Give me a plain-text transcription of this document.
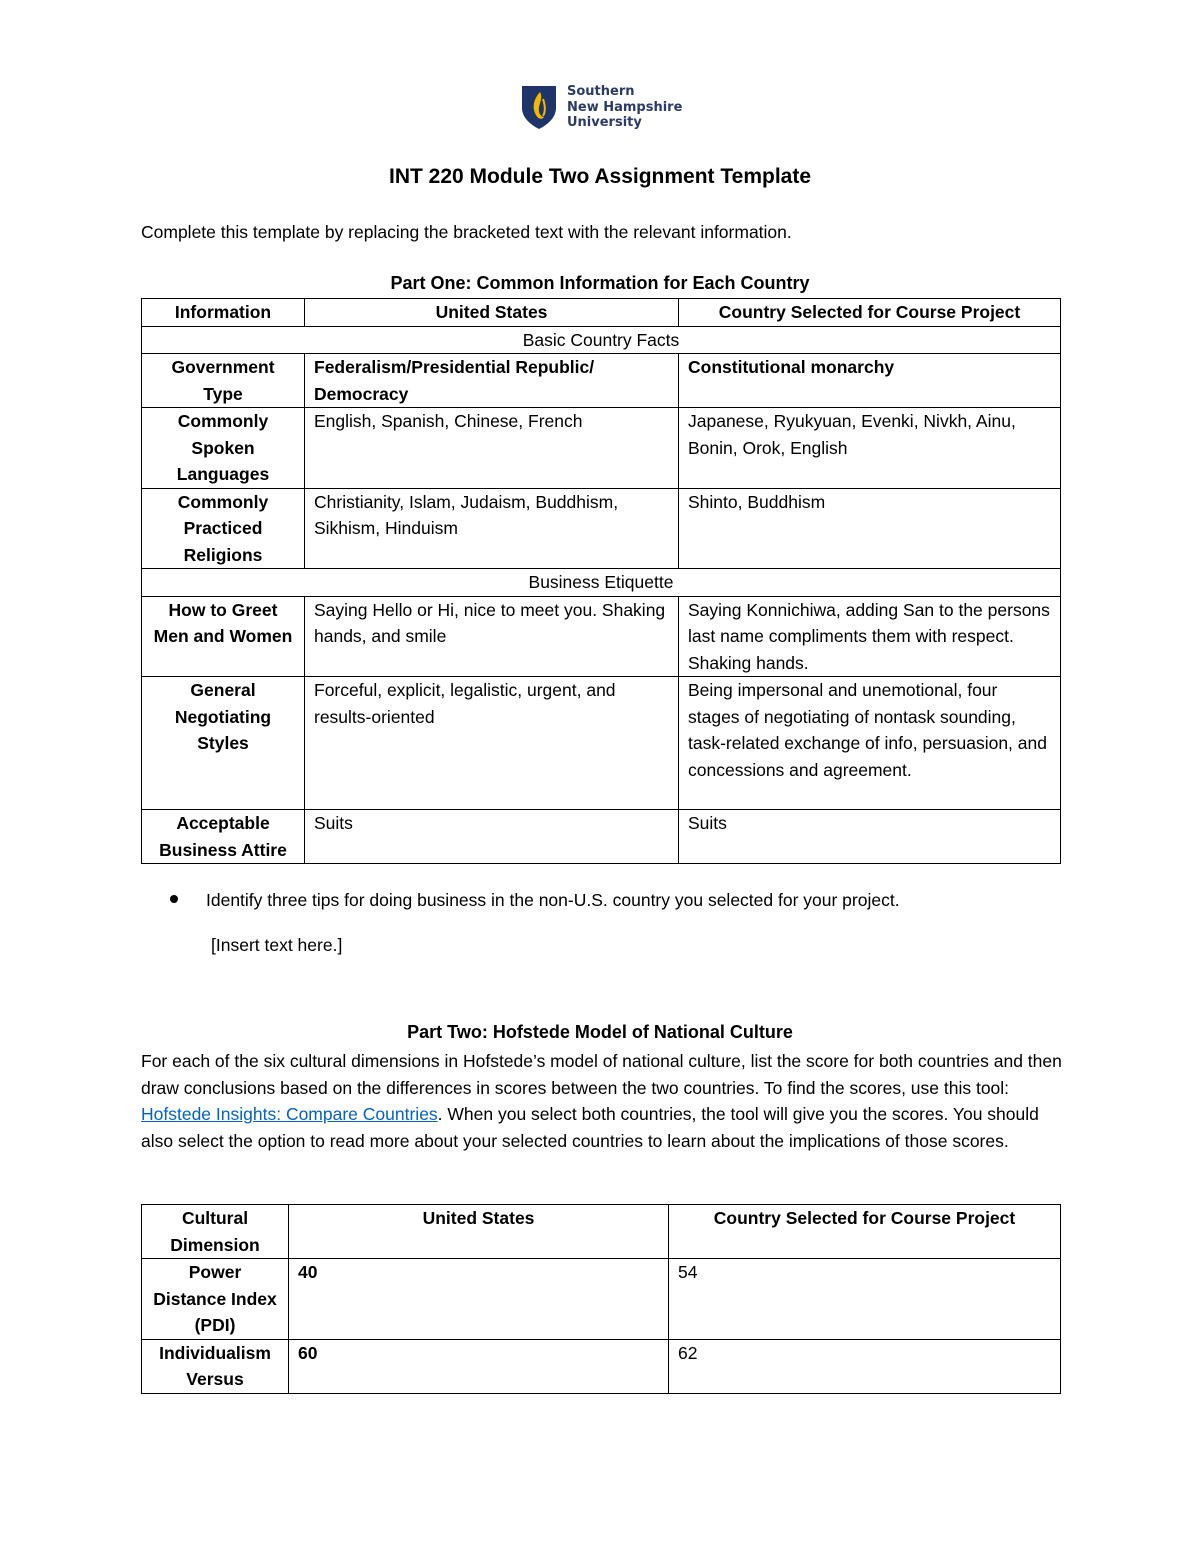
Southern
New Hampshire
University
INT 220 Module Two Assignment Template
Complete this template by replacing the bracketed text with the relevant information.
Part One: Common Information for Each Country
Information	United States	Country Selected for Course Project
Basic Country Facts		
Government Type	Federalism/Presidential Republic/ Democracy	Constitutional monarchy
Commonly Spoken Languages	English, Spanish, Chinese, French	Japanese, Ryukyuan, Evenki, Nivkh, Ainu, Bonin, Orok, English
Commonly Practiced Religions	Christianity, Islam, Judaism, Buddhism, Sikhism, Hinduism	Shinto, Buddhism
Business Etiquette		
How to Greet Men and Women	Saying Hello or Hi, nice to meet you. Shaking hands, and smile	Saying Konnichiwa, adding San to the persons last name compliments them with respect. Shaking hands.
General Negotiating Styles	Forceful, explicit, legalistic, urgent, and results-oriented	Being impersonal and unemotional, four stages of negotiating of nontask sounding, task-related exchange of info, persuasion, and concessions and agreement.
Acceptable Business Attire	Suits	Suits
Identify three tips for doing business in the non-U.S. country you selected for your project.
[Insert text here.]
Part Two: Hofstede Model of National Culture
For each of the six cultural dimensions in Hofstede’s model of national culture, list the score for both countries and then draw conclusions based on the differences in scores between the two countries. To find the scores, use this tool: Hofstede Insights: Compare Countries. When you select both countries, the tool will give you the scores. You should also select the option to read more about your selected countries to learn about the implications of those scores.
Cultural Dimension	United States	Country Selected for Course Project
Power Distance Index (PDI)	40	54
Individualism Versus	60	62
